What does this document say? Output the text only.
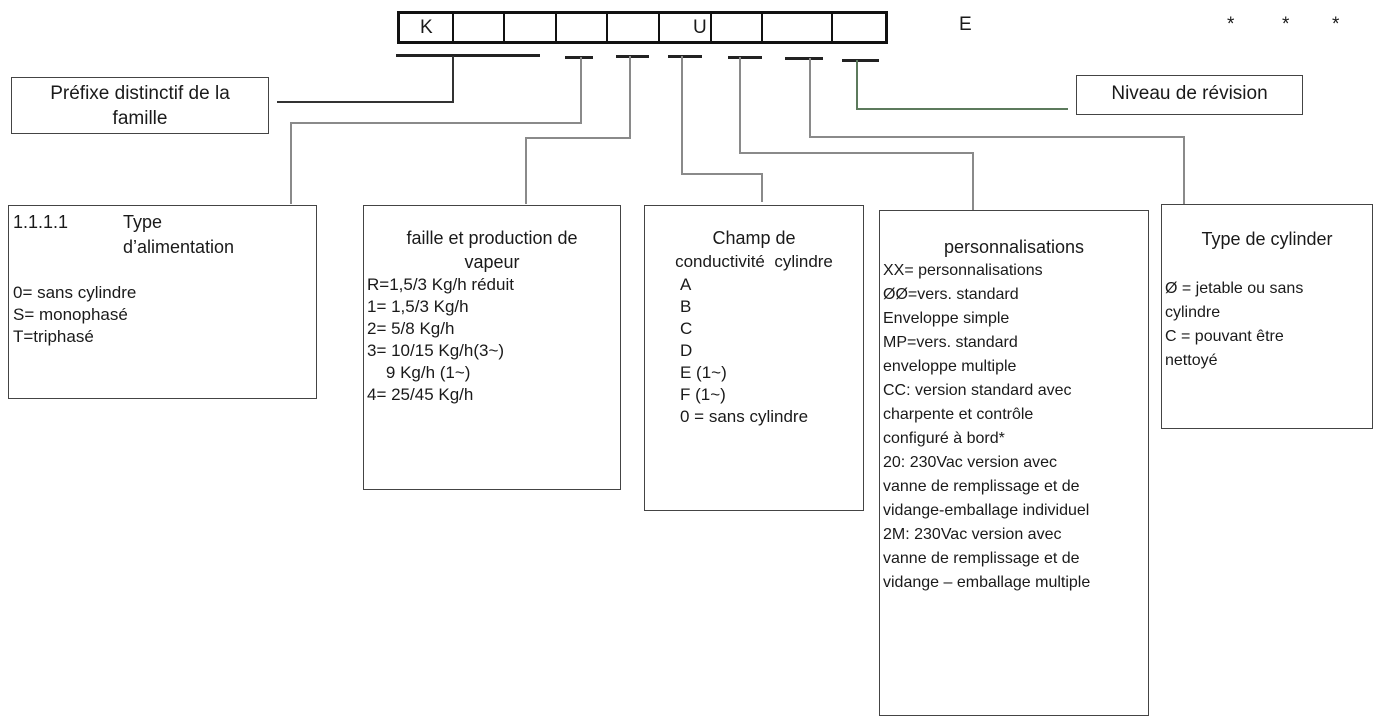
K	U	E	*	* *
Préfixe distinctif de la
famille
Niveau de révision
1.1.1.1	Type
d’alimentation
0= sans cylindre
S= monophasé
T=triphasé
faille et production de
vapeur
R=1,5/3 Kg/h réduit
1= 1,5/3 Kg/h
2= 5/8 Kg/h
3= 10/15 Kg/h(3~)
9 Kg/h (1~)
4= 25/45 Kg/h
Champ de
conductivité  cylindre
A
B
C
D
E (1~)
F (1~)
0 = sans cylindre
personnalisations
XX= personnalisations
ØØ=vers. standard
Enveloppe simple
MP=vers. standard
enveloppe multiple
CC: version standard avec
charpente et contrôle
configuré à bord*
20: 230Vac version avec
vanne de remplissage et de
vidange-emballage individuel
2M: 230Vac version avec
vanne de remplissage et de
vidange – emballage multiple
Type de cylinder
Ø = jetable ou sans
cylindre
C = pouvant être
nettoyé
